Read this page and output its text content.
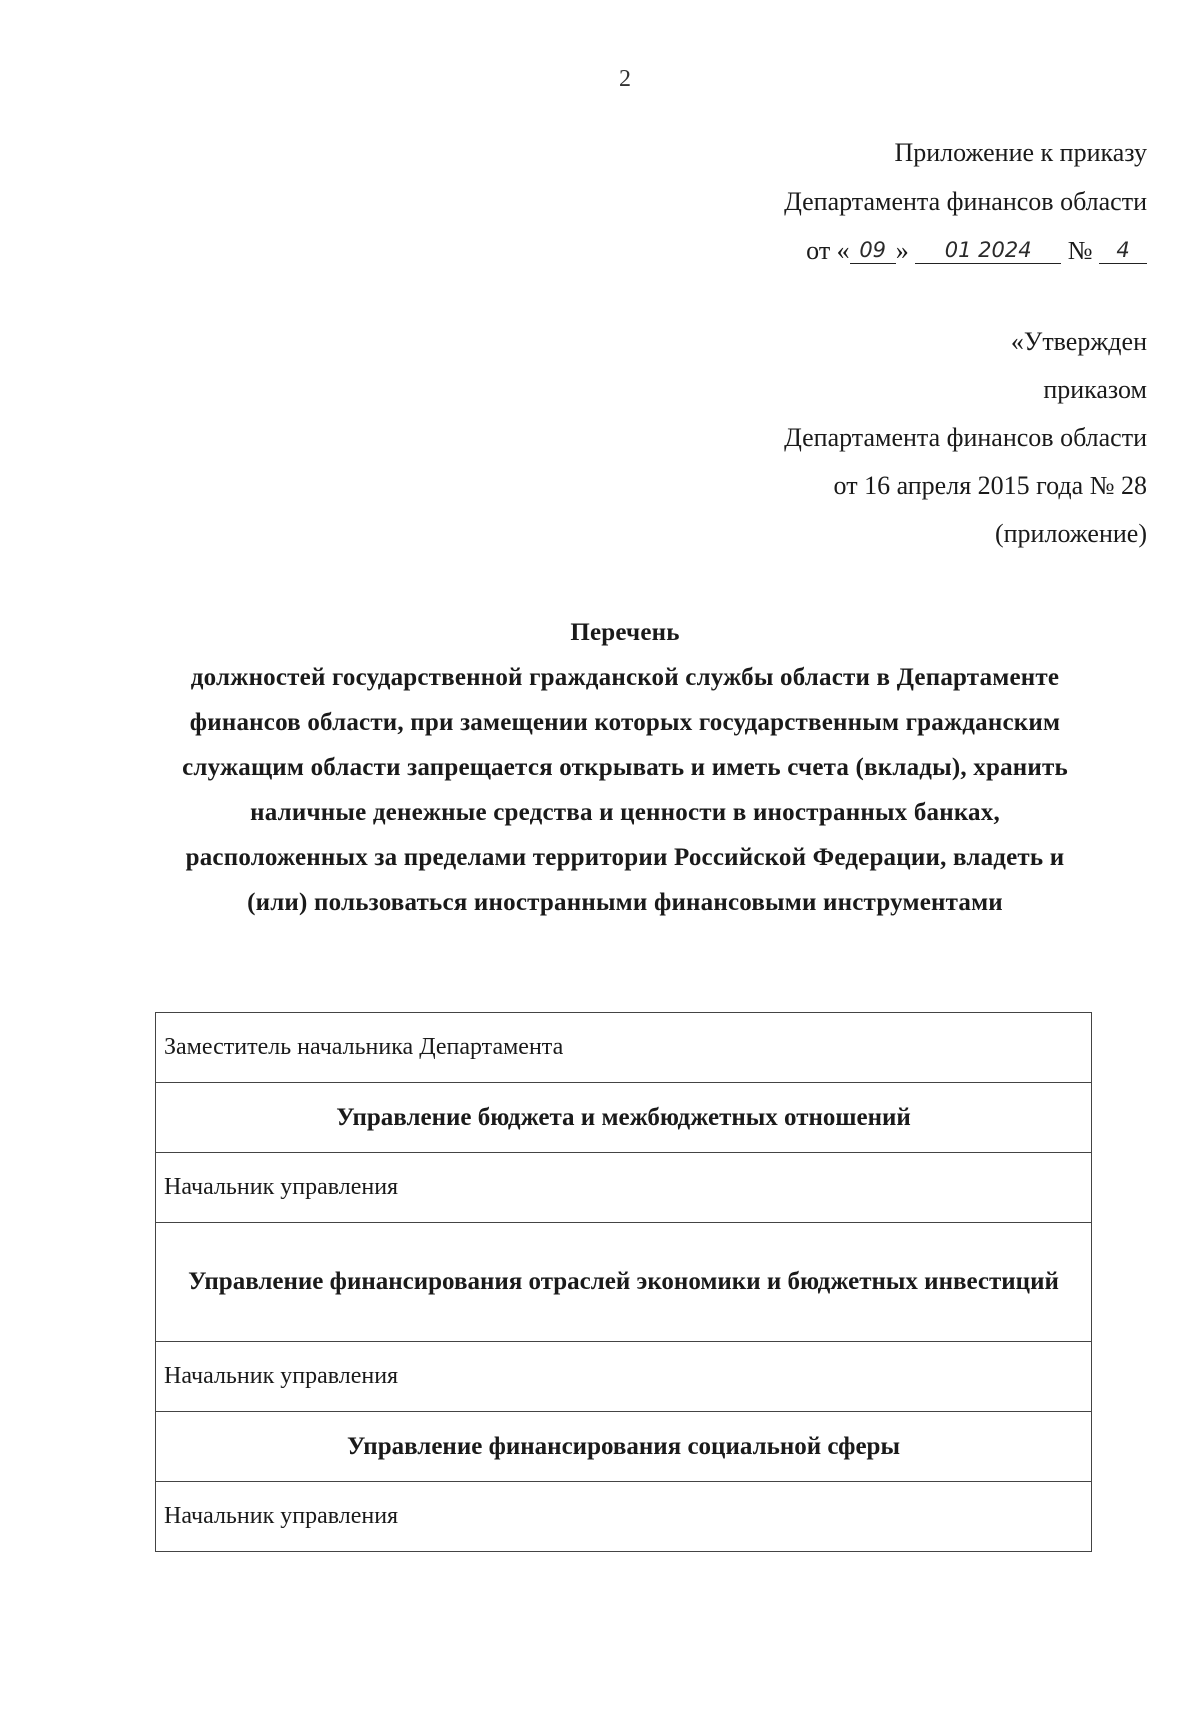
2
Приложение к приказу
Департамента финансов области
от « 09 » 01 2024 № 4
«Утвержден
приказом
Департамента финансов области
от 16 апреля 2015 года № 28
(приложение)
Перечень
должностей государственной гражданской службы области в Департаменте
финансов области, при замещении которых государственным гражданским
служащим области запрещается открывать и иметь счета (вклады), хранить
наличные денежные средства и ценности в иностранных банках,
расположенных за пределами территории Российской Федерации, владеть и
(или) пользоваться иностранными финансовыми инструментами
Заместитель начальника Департамента
Управление бюджета и межбюджетных отношений
Начальник управления
Управление финансирования отраслей экономики и бюджетных инвестиций
Начальник управления
Управление финансирования социальной сферы
Начальник управления
